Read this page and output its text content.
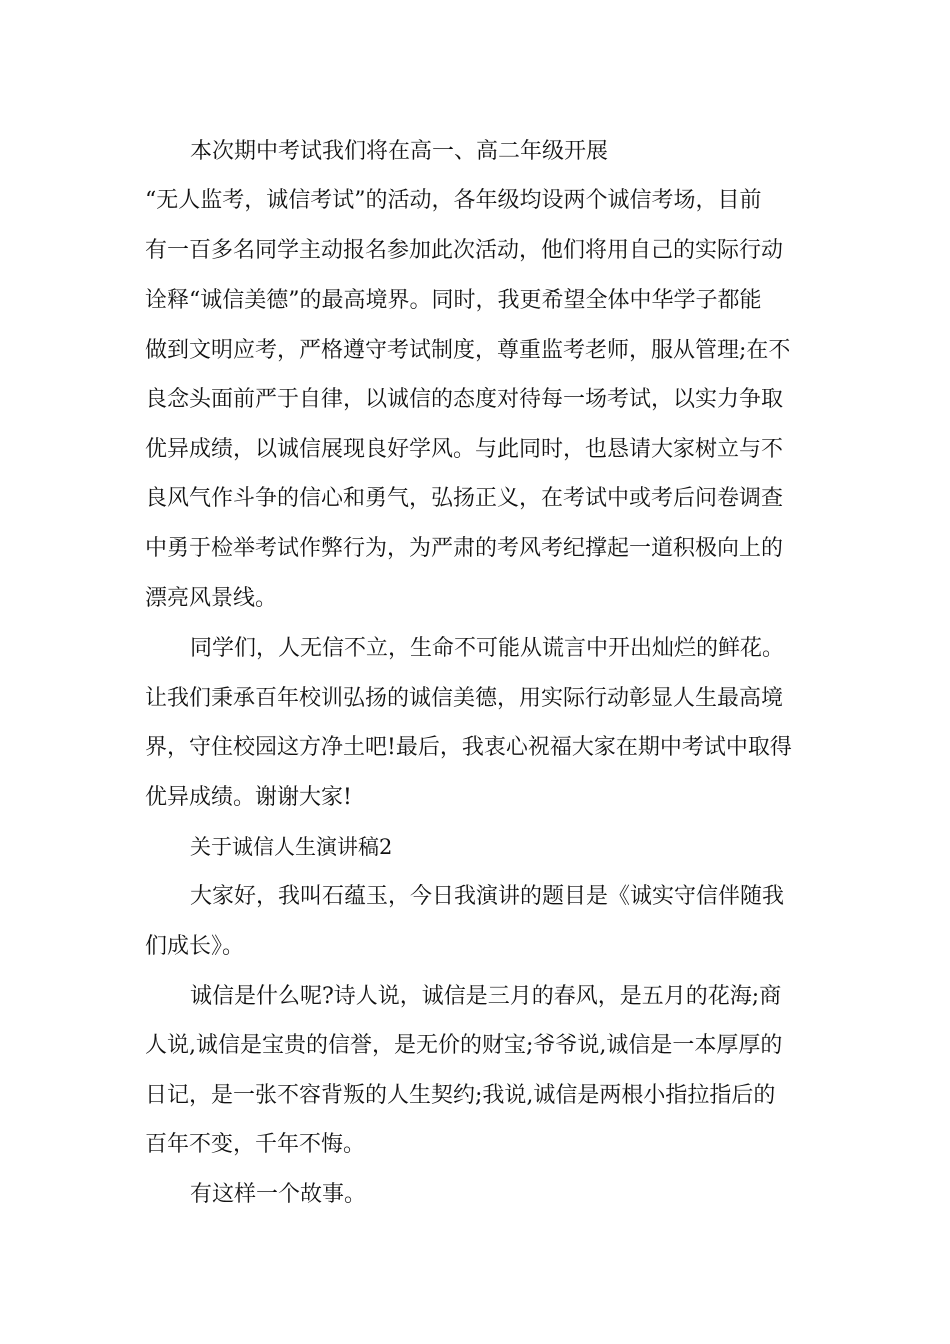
本次期中考试我们将在高一、高二年级开展
“无人监考，诚信考试”的活动，各年级均设两个诚信考场，目前
有一百多名同学主动报名参加此次活动，他们将用自己的实际行动
诠释“诚信美德”的最高境界。同时，我更希望全体中华学子都能
做到文明应考，严格遵守考试制度，尊重监考老师，服从管理;在不
良念头面前严于自律，以诚信的态度对待每一场考试，以实力争取
优异成绩，以诚信展现良好学风。与此同时，也恳请大家树立与不
良风气作斗争的信心和勇气，弘扬正义，在考试中或考后问卷调查
中勇于检举考试作弊行为，为严肃的考风考纪撑起一道积极向上的
漂亮风景线。
同学们，人无信不立，生命不可能从谎言中开出灿烂的鲜花。
让我们秉承百年校训弘扬的诚信美德，用实际行动彰显人生最高境
界，守住校园这方净土吧!最后，我衷心祝福大家在期中考试中取得
优异成绩。谢谢大家!
关于诚信人生演讲稿2
大家好，我叫石蕴玉，今日我演讲的题目是《诚实守信伴随我
们成长》。
诚信是什么呢?诗人说，诚信是三月的春风，是五月的花海;商
人说,诚信是宝贵的信誉，是无价的财宝;爷爷说,诚信是一本厚厚的
日记，是一张不容背叛的人生契约;我说,诚信是两根小指拉指后的
百年不变，千年不悔。
有这样一个故事。
